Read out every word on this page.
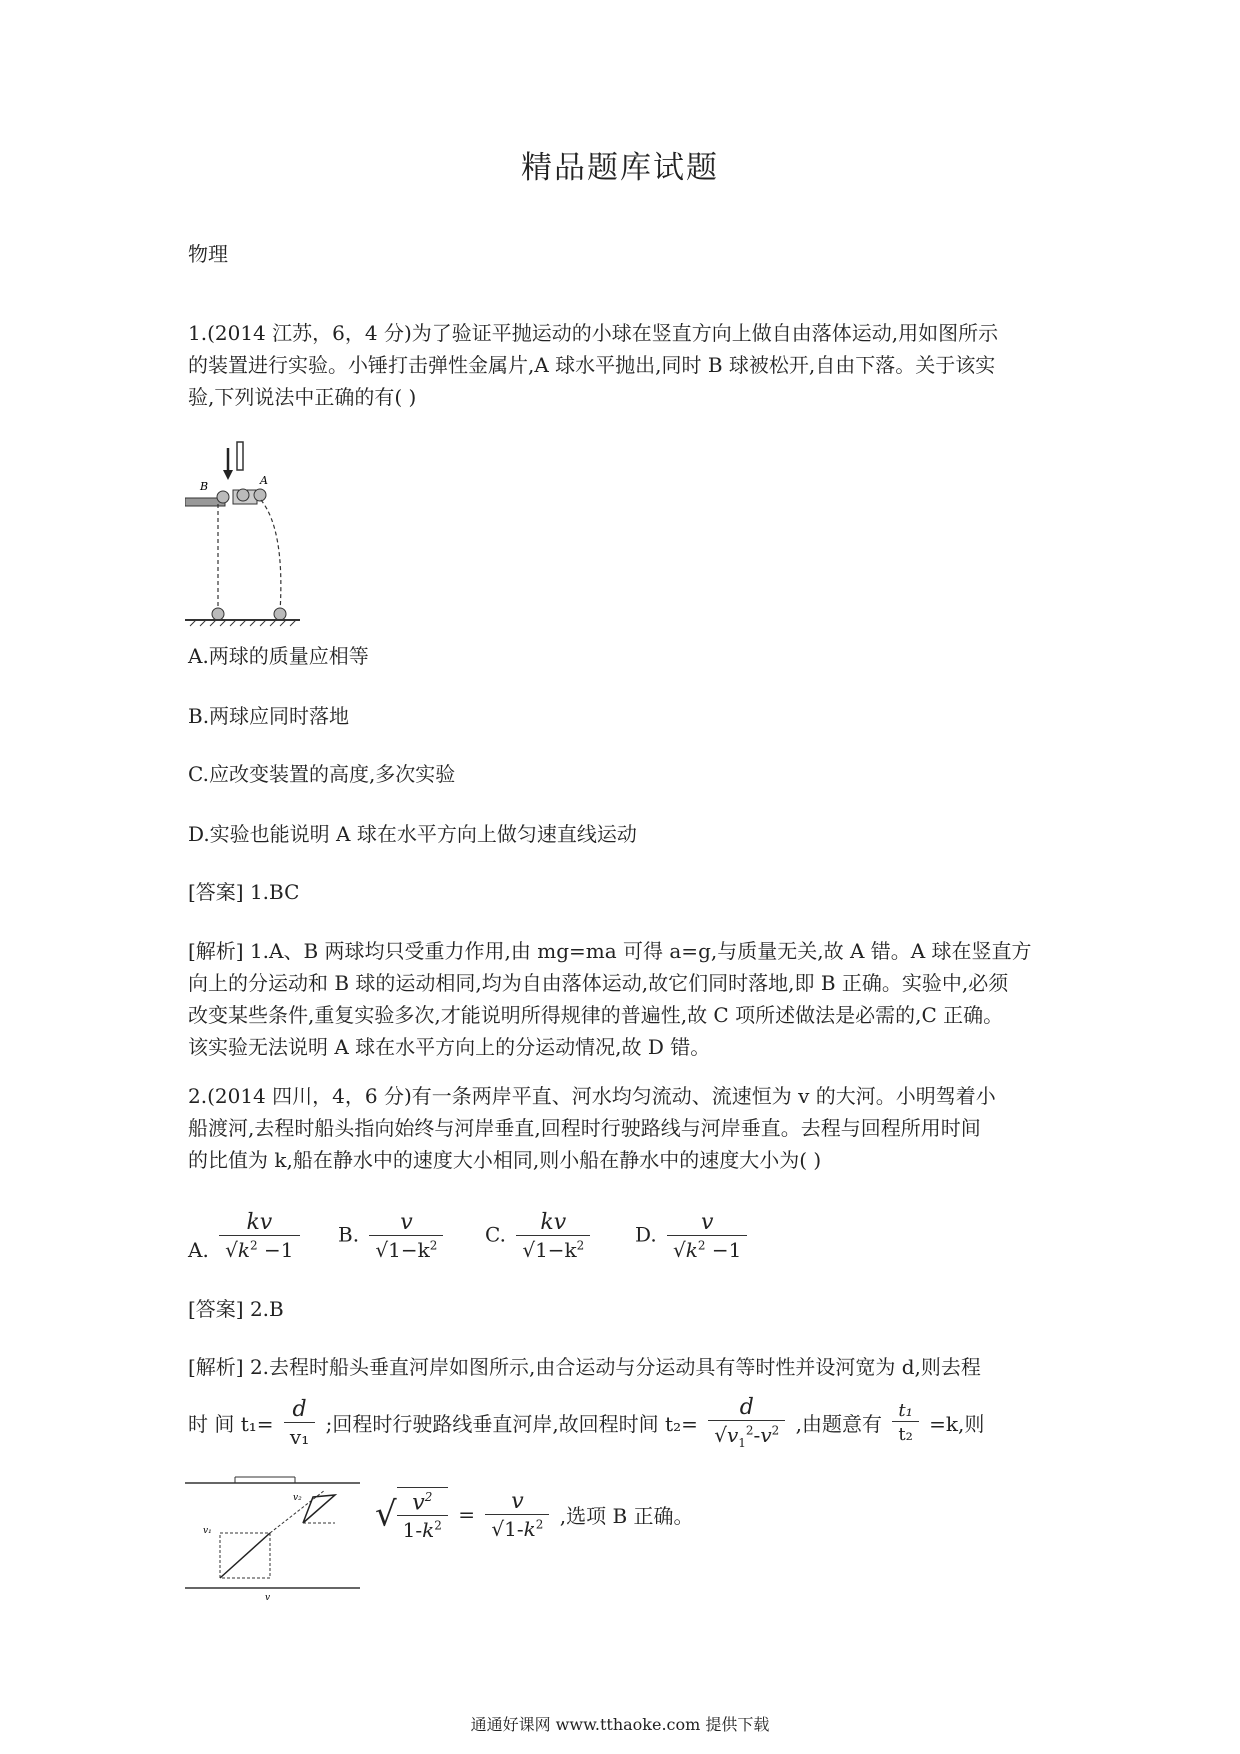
精品题库试题
物理
1.(2014 江苏，6，4 分)为了验证平抛运动的小球在竖直方向上做自由落体运动,用如图所示
的装置进行实验。小锤打击弹性金属片,A 球水平抛出,同时 B 球被松开,自由下落。关于该实
验,下列说法中正确的有( )
B	A
A.两球的质量应相等
B.两球应同时落地
C.应改变装置的高度,多次实验
D.实验也能说明 A 球在水平方向上做匀速直线运动
[答案] 1.BC
[解析] 1.A、B 两球均只受重力作用,由 mg=ma 可得 a=g,与质量无关,故 A 错。A 球在竖直方
向上的分运动和 B 球的运动相同,均为自由落体运动,故它们同时落地,即 B 正确。实验中,必须
改变某些条件,重复实验多次,才能说明所得规律的普遍性,故 C 项所述做法是必需的,C 正确。
该实验无法说明 A 球在水平方向上的分运动情况,故 D 错。
2.(2014 四川，4，6 分)有一条两岸平直、河水均匀流动、流速恒为 v 的大河。小明驾着小
船渡河,去程时船头指向始终与河岸垂直,回程时行驶路线与河岸垂直。去程与回程所用时间
的比值为 k,船在静水中的速度大小相同,则小船在静水中的速度大小为( )
A. $\frac{kv}{√k^2 -1} B$. $\frac{v}{√1-k^2} C$. $\frac{kv}{√1-k^2} D$. $\frac{v}{√k^2 -1}$
[答案] 2.B
[解析] 2.去程时船头垂直河岸如图所示,由合运动与分运动具有等时性并设河宽为 d,则去程
时 间 $t_1= \frac{d}{\text{v₁}}$ ;回程时行驶路线垂直河岸,故回程时间 $t_2= \frac{d}{√v_1^2-v^2}$ ,由题意有 $\frac{\text{t₁}}{\text{t₂}} =k$,则
v₁
v₂
v
√ $\frac{v^2}{1-k^2} = \frac{v}{√1-k^2}$ ,选项 B 正确。
通通好课网 www.tthaoke.com 提供下载
